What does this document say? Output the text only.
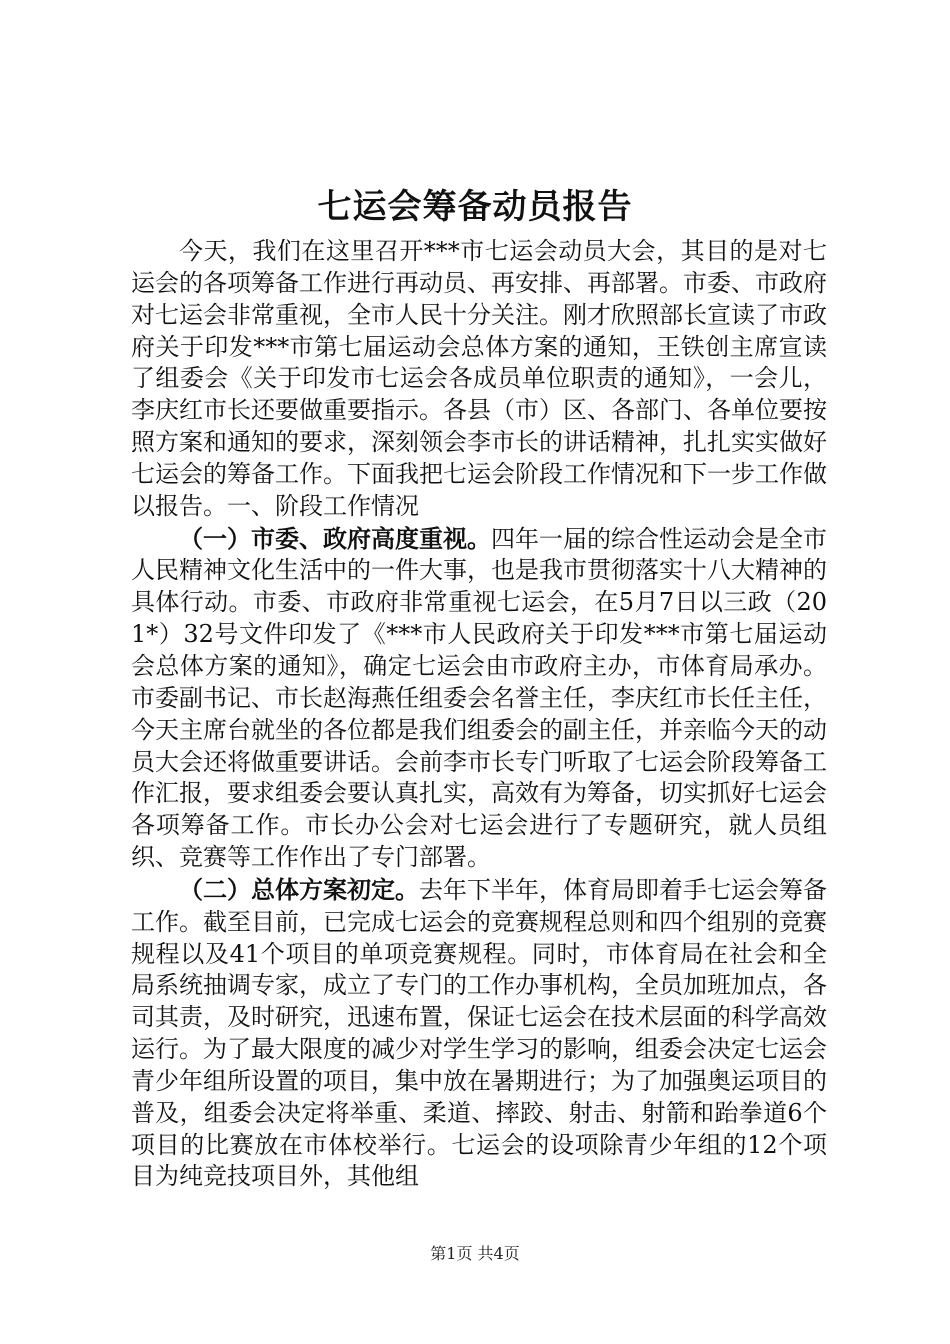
七运会筹备动员报告

今天，我们在这里召开***市七运会动员大会，其目的是对七运会的各项筹备工作进行再动员、再安排、再部署。市委、市政府对七运会非常重视，全市人民十分关注。刚才欣照部长宣读了市政府关于印发***市第七届运动会总体方案的通知，王铁创主席宣读了组委会《关于印发市七运会各成员单位职责的通知》，一会儿，李庆红市长还要做重要指示。各县（市）区、各部门、各单位要按照方案和通知的要求，深刻领会李市长的讲话精神，扎扎实实做好七运会的筹备工作。下面我把七运会阶段工作情况和下一步工作做以报告。一、阶段工作情况

（一）市委、政府高度重视。四年一届的综合性运动会是全市人民精神文化生活中的一件大事，也是我市贯彻落实十八大精神的具体行动。市委、市政府非常重视七运会，在5月7日以三政（201*）32号文件印发了《***市人民政府关于印发***市第七届运动会总体方案的通知》，确定七运会由市政府主办，市体育局承办。市委副书记、市长赵海燕任组委会名誉主任，李庆红市长任主任，今天主席台就坐的各位都是我们组委会的副主任，并亲临今天的动员大会还将做重要讲话。会前李市长专门听取了七运会阶段筹备工作汇报，要求组委会要认真扎实，高效有为筹备，切实抓好七运会各项筹备工作。市长办公会对七运会进行了专题研究，就人员组织、竞赛等工作作出了专门部署。

（二）总体方案初定。去年下半年，体育局即着手七运会筹备工作。截至目前，已完成七运会的竞赛规程总则和四个组别的竞赛规程以及41个项目的单项竞赛规程。同时，市体育局在社会和全局系统抽调专家，成立了专门的工作办事机构，全员加班加点，各司其责，及时研究，迅速布置，保证七运会在技术层面的科学高效运行。为了最大限度的减少对学生学习的影响，组委会决定七运会青少年组所设置的项目，集中放在暑期进行；为了加强奥运项目的普及，组委会决定将举重、柔道、摔跤、射击、射箭和跆拳道6个项目的比赛放在市体校举行。七运会的设项除青少年组的12个项目为纯竞技项目外，其他组

第1页 共4页
